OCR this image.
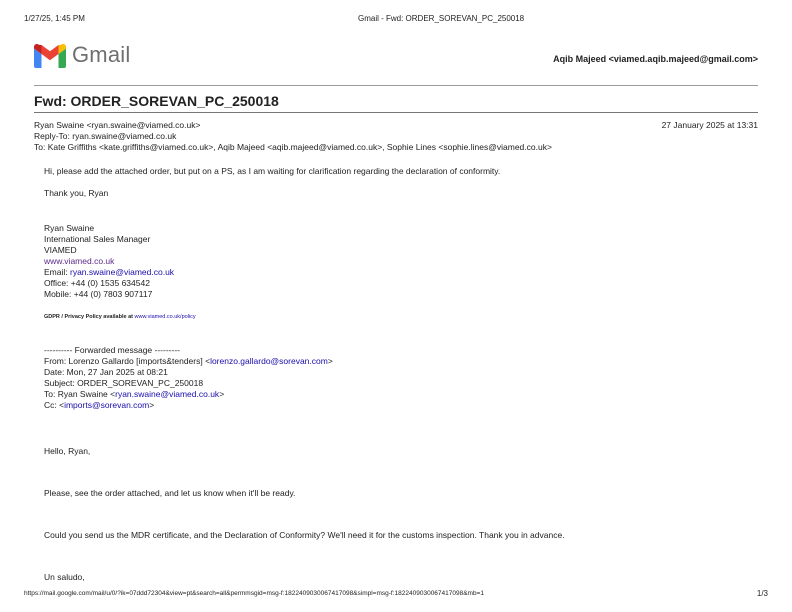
1/27/25, 1:45 PM	Gmail - Fwd: ORDER_SOREVAN_PC_250018
Gmail	Aqib Majeed <viamed.aqib.majeed@gmail.com>
Fwd: ORDER_SOREVAN_PC_250018
Ryan Swaine <ryan.swaine@viamed.co.uk>	27 January 2025 at 13:31
Reply-To: ryan.swaine@viamed.co.uk
To: Kate Griffiths <kate.griffiths@viamed.co.uk>, Aqib Majeed <aqib.majeed@viamed.co.uk>, Sophie Lines <sophie.lines@viamed.co.uk>
Hi, please add the attached order, but put on a PS, as I am waiting for clarification regarding the declaration of conformity.
Thank you, Ryan
Ryan Swaine
International Sales Manager
VIAMED
www.viamed.co.uk
Email: ryan.swaine@viamed.co.uk
Office: +44 (0) 1535 634542
Mobile: +44 (0) 7803 907117
GDPR / Privacy Policy available at www.viamed.co.uk/policy
---------- Forwarded message ---------
From: Lorenzo Gallardo [imports&tenders] <lorenzo.gallardo@sorevan.com>
Date: Mon, 27 Jan 2025 at 08:21
Subject: ORDER_SOREVAN_PC_250018
To: Ryan Swaine <ryan.swaine@viamed.co.uk>
Cc: <imports@sorevan.com>
Hello, Ryan,
Please, see the order attached, and let us know when it'll be ready.
Could you send us the MDR certificate, and the Declaration of Conformity? We'll need it for the customs inspection. Thank you in advance.
Un saludo,
https://mail.google.com/mail/u/0/?ik=07ddd72304&view=pt&search=all&permmsgid=msg-f:1822409030067417098&simpl=msg-f:1822409030067417098&mb=1	1/3
